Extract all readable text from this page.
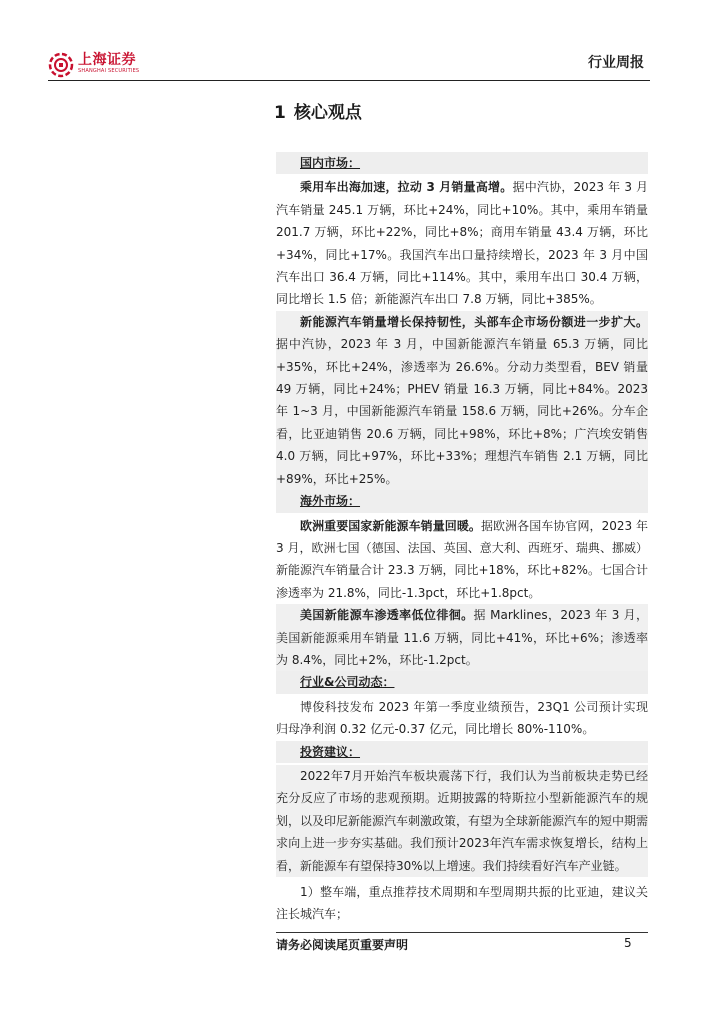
上海证券
SHANGHAI SECURITIES	行业周报
1 核心观点
国内市场：

乘用车出海加速，拉动 3 月销量高增。据中汽协，2023 年 3 月汽车销量 245.1 万辆，环比+24%，同比+10%。其中，乘用车销量 201.7 万辆，环比+22%，同比+8%；商用车销量 43.4 万辆，环比+34%，同比+17%。我国汽车出口量持续增长，2023 年 3 月中国汽车出口 36.4 万辆，同比+114%。其中，乘用车出口 30.4 万辆，同比增长 1.5 倍；新能源汽车出口 7.8 万辆，同比+385%。

新能源汽车销量增长保持韧性，头部车企市场份额进一步扩大。据中汽协，2023 年 3 月，中国新能源汽车销量 65.3 万辆，同比+35%，环比+24%，渗透率为 26.6%。分动力类型看，BEV 销量 49 万辆，同比+24%；PHEV 销量 16.3 万辆，同比+84%。2023 年 1~3 月，中国新能源汽车销量 158.6 万辆，同比+26%。分车企看，比亚迪销售 20.6 万辆，同比+98%，环比+8%；广汽埃安销售 4.0 万辆，同比+97%，环比+33%；理想汽车销售 2.1 万辆，同比+89%，环比+25%。

海外市场：

欧洲重要国家新能源车销量回暖。据欧洲各国车协官网，2023 年 3 月，欧洲七国（德国、法国、英国、意大利、西班牙、瑞典、挪威）新能源汽车销量合计 23.3 万辆，同比+18%，环比+82%。七国合计渗透率为 21.8%，同比-1.3pct，环比+1.8pct。

美国新能源车渗透率低位徘徊。据 Marklines，2023 年 3 月，美国新能源乘用车销量 11.6 万辆，同比+41%，环比+6%；渗透率为 8.4%，同比+2%，环比-1.2pct。

行业&公司动态：

博俊科技发布 2023 年第一季度业绩预告，23Q1 公司预计实现归母净利润 0.32 亿元-0.37 亿元，同比增长 80%-110%。

投资建议：

2022年7月开始汽车板块震荡下行，我们认为当前板块走势已经充分反应了市场的悲观预期。近期披露的特斯拉小型新能源汽车的规划，以及印尼新能源汽车刺激政策，有望为全球新能源汽车的短中期需求向上进一步夯实基础。我们预计2023年汽车需求恢复增长，结构上看，新能源车有望保持30%以上增速。我们持续看好汽车产业链。

1）整车端，重点推荐技术周期和车型周期共振的比亚迪，建议关注长城汽车；

请务必阅读尾页重要声明	5
